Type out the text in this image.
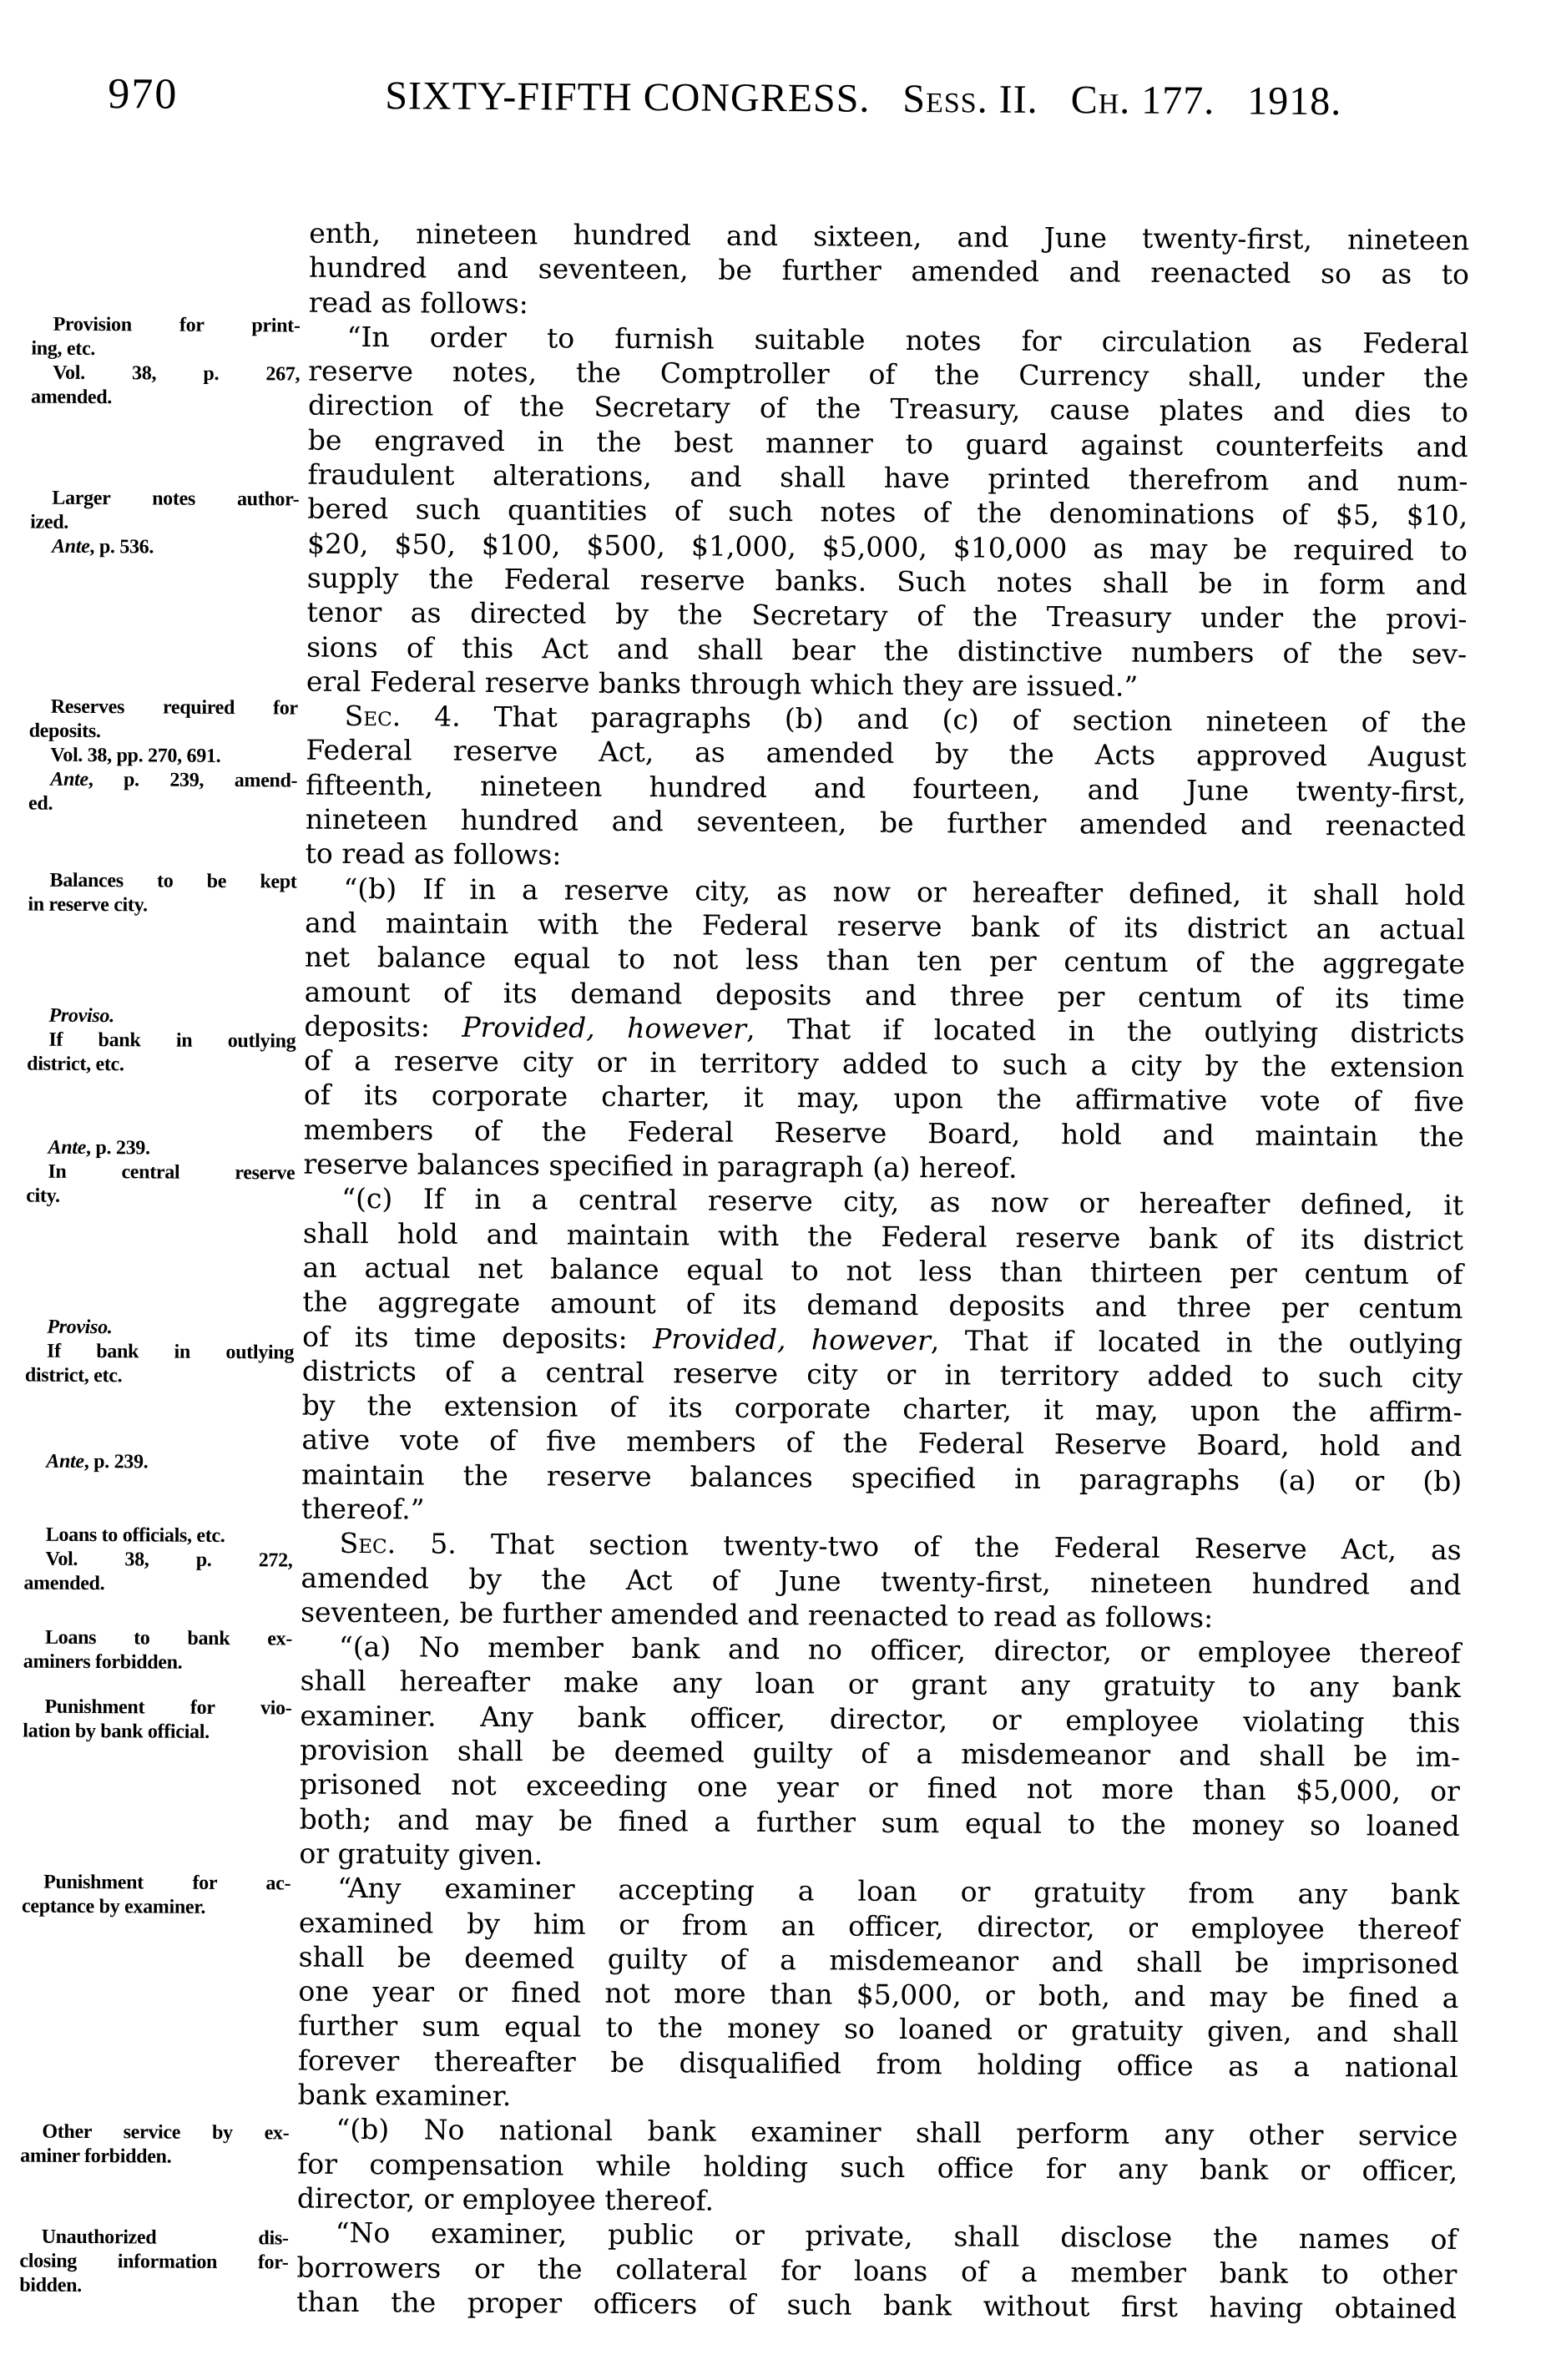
970	SIXTY-FIFTH CONGRESS. Sess. II. Ch. 177. 1918.
Provision for print-
ing, etc.
Vol. 38, p. 267,
amended.
Larger notes author-
ized.
Ante, p. 536.
Reserves required for
deposits.
Vol. 38, pp. 270, 691.
Ante, p. 239, amend-
ed.
Balances to be kept
in reserve city.
Proviso.
If bank in outlying
district, etc.
Ante, p. 239.
In central reserve
city.
Proviso.
If bank in outlying
district, etc.
Ante, p. 239.
Loans to officials, etc.
Vol. 38, p. 272,
amended.
Loans to bank ex-
aminers forbidden.
Punishment for vio-
lation by bank official.
Punishment for ac-
ceptance by examiner.
Other service by ex-
aminer forbidden.
Unauthorized dis-
closing information for-
bidden.
enth, nineteen hundred and sixteen, and June twenty-first, nineteen
hundred and seventeen, be further amended and reenacted so as to
read as follows:
“In order to furnish suitable notes for circulation as Federal
reserve notes, the Comptroller of the Currency shall, under the
direction of the Secretary of the Treasury, cause plates and dies to
be engraved in the best manner to guard against counterfeits and
fraudulent alterations, and shall have printed therefrom and num-
bered such quantities of such notes of the denominations of $5, $10,
$20, $50, $100, $500, $1,000, $5,000, $10,000 as may be required to
supply the Federal reserve banks. Such notes shall be in form and
tenor as directed by the Secretary of the Treasury under the provi-
sions of this Act and shall bear the distinctive numbers of the sev-
eral Federal reserve banks through which they are issued.”
Sec. 4. That paragraphs (b) and (c) of section nineteen of the
Federal reserve Act, as amended by the Acts approved August
fifteenth, nineteen hundred and fourteen, and June twenty-first,
nineteen hundred and seventeen, be further amended and reenacted
to read as follows:
“(b) If in a reserve city, as now or hereafter defined, it shall hold
and maintain with the Federal reserve bank of its district an actual
net balance equal to not less than ten per centum of the aggregate
amount of its demand deposits and three per centum of its time
deposits: Provided, however, That if located in the outlying districts
of a reserve city or in territory added to such a city by the extension
of its corporate charter, it may, upon the affirmative vote of five
members of the Federal Reserve Board, hold and maintain the
reserve balances specified in paragraph (a) hereof.
“(c) If in a central reserve city, as now or hereafter defined, it
shall hold and maintain with the Federal reserve bank of its district
an actual net balance equal to not less than thirteen per centum of
the aggregate amount of its demand deposits and three per centum
of its time deposits: Provided, however, That if located in the outlying
districts of a central reserve city or in territory added to such city
by the extension of its corporate charter, it may, upon the affirm-
ative vote of five members of the Federal Reserve Board, hold and
maintain the reserve balances specified in paragraphs (a) or (b)
thereof.”
Sec. 5. That section twenty-two of the Federal Reserve Act, as
amended by the Act of June twenty-first, nineteen hundred and
seventeen, be further amended and reenacted to read as follows:
“(a) No member bank and no officer, director, or employee thereof
shall hereafter make any loan or grant any gratuity to any bank
examiner. Any bank officer, director, or employee violating this
provision shall be deemed guilty of a misdemeanor and shall be im-
prisoned not exceeding one year or fined not more than $5,000, or
both; and may be fined a further sum equal to the money so loaned
or gratuity given.
“Any examiner accepting a loan or gratuity from any bank
examined by him or from an officer, director, or employee thereof
shall be deemed guilty of a misdemeanor and shall be imprisoned
one year or fined not more than $5,000, or both, and may be fined a
further sum equal to the money so loaned or gratuity given, and shall
forever thereafter be disqualified from holding office as a national
bank examiner.
“(b) No national bank examiner shall perform any other service
for compensation while holding such office for any bank or officer,
director, or employee thereof.
“No examiner, public or private, shall disclose the names of
borrowers or the collateral for loans of a member bank to other
than the proper officers of such bank without first having obtained
